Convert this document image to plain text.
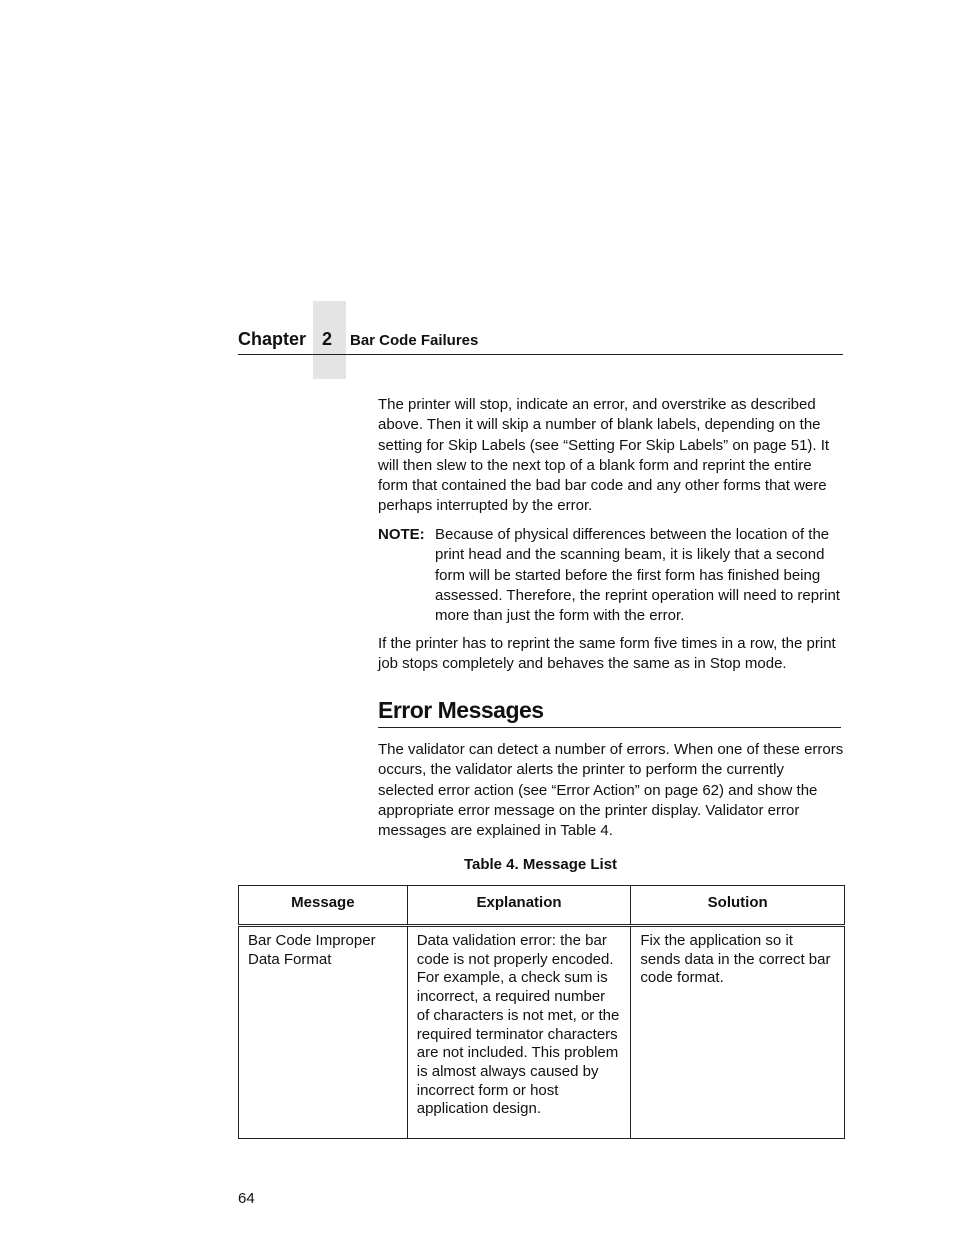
Chapter 2	Bar Code Failures
The printer will stop, indicate an error, and overstrike as described above. Then it will skip a number of blank labels, depending on the setting for Skip Labels (see “Setting For Skip Labels” on page 51). It will then slew to the next top of a blank form and reprint the entire form that contained the bad bar code and any other forms that were perhaps interrupted by the error.
NOTE: Because of physical differences between the location of the print head and the scanning beam, it is likely that a second form will be started before the first form has finished being assessed. Therefore, the reprint operation will need to reprint more than just the form with the error.
If the printer has to reprint the same form five times in a row, the print job stops completely and behaves the same as in Stop mode.
Error Messages
The validator can detect a number of errors. When one of these errors occurs, the validator alerts the printer to perform the currently selected error action (see “Error Action” on page 62) and show the appropriate error message on the printer display. Validator error messages are explained in Table 4.
Table 4. Message List
Message	Explanation	Solution
Bar Code Improper Data Format	Data validation error: the bar code is not properly encoded. For example, a check sum is incorrect, a required number of characters is not met, or the required terminator characters are not included. This problem is almost always caused by incorrect form or host application design.	Fix the application so it sends data in the correct bar code format.
64
